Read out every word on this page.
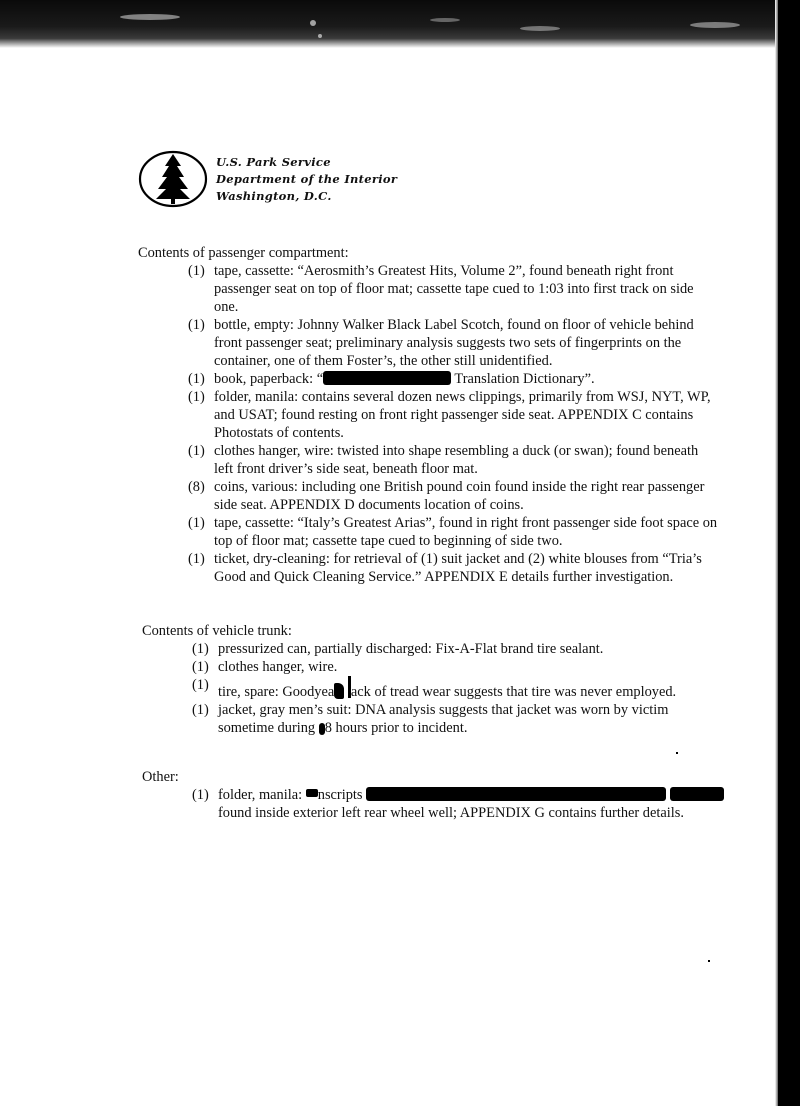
U.S. Park Service
Department of the Interior
Washington, D.C.
Contents of passenger compartment:
(1) tape, cassette: “Aerosmith’s Greatest Hits, Volume 2”, found beneath right front passenger seat on top of floor mat; cassette tape cued to 1:03 into first track on side one.
(1) bottle, empty: Johnny Walker Black Label Scotch, found on floor of vehicle behind front passenger seat; preliminary analysis suggests two sets of fingerprints on the container, one of them Foster’s, the other still unidentified.
(1) book, paperback: “	Translation Dictionary”.
(1) folder, manila: contains several dozen news clippings, primarily from WSJ, NYT, WP, and USAT; found resting on front right passenger side seat. APPENDIX C contains Photostats of contents.
(1) clothes hanger, wire: twisted into shape resembling a duck (or swan); found beneath left front driver’s side seat, beneath floor mat.
(8) coins, various: including one British pound coin found inside the right rear passenger side seat. APPENDIX D documents location of coins.
(1) tape, cassette: “Italy’s Greatest Arias”, found in right front passenger side foot space on top of floor mat; cassette tape cued to beginning of side two.
(1) ticket, dry-cleaning: for retrieval of (1) suit jacket and (2) white blouses from “Tria’s Good and Quick Cleaning Service.” APPENDIX E details further investigation.
Contents of vehicle trunk:
(1) pressurized can, partially discharged: Fix-A-Flat brand tire sealant.
(1) clothes hanger, wire.
(1) tire, spare: Goodyea ack of tread wear suggests that tire was never employed.
(1) jacket, gray men’s suit: DNA analysis suggests that jacket was worn by victim sometime during 8 hours prior to incident.
Other:
(1) folder, manila: nscripts   found inside exterior left rear wheel well; APPENDIX G contains further details.
